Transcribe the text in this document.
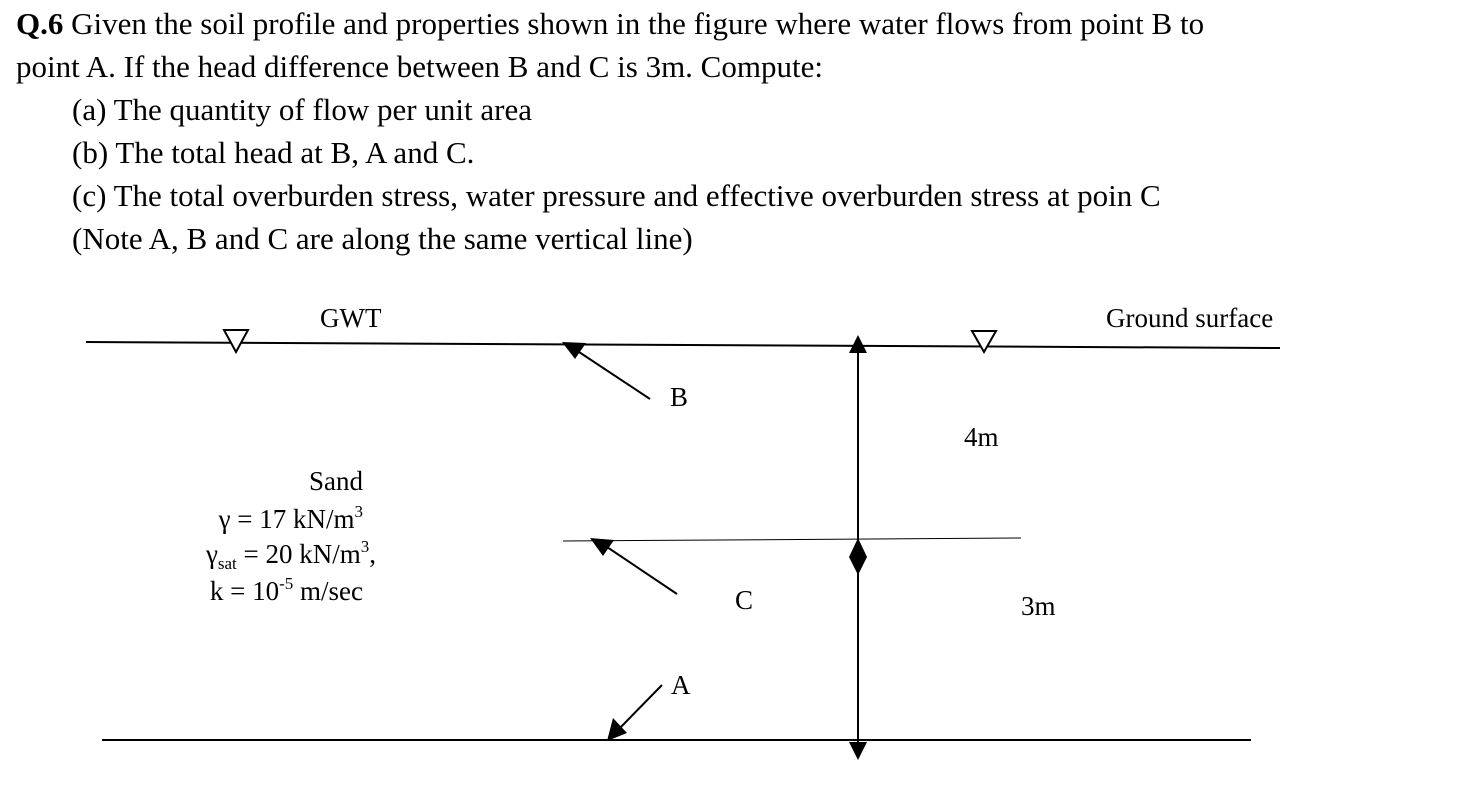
Q.6 Given the soil profile and properties shown in the figure where water flows from point B to
point A. If the head difference between B and C is 3m. Compute:
(a) The quantity of flow per unit area
(b) The total head at B, A and C.
(c) The total overburden stress, water pressure and effective overburden stress at poin C
(Note A, B and C are along the same vertical line)
GWT	Ground surface
B
C
A
4m
3m
Sand
γ = 17 $kN/m^3$
$\gamma_{sat} = 20$ $kN/m^3$,
$k = 10^{-5}$ m/sec
